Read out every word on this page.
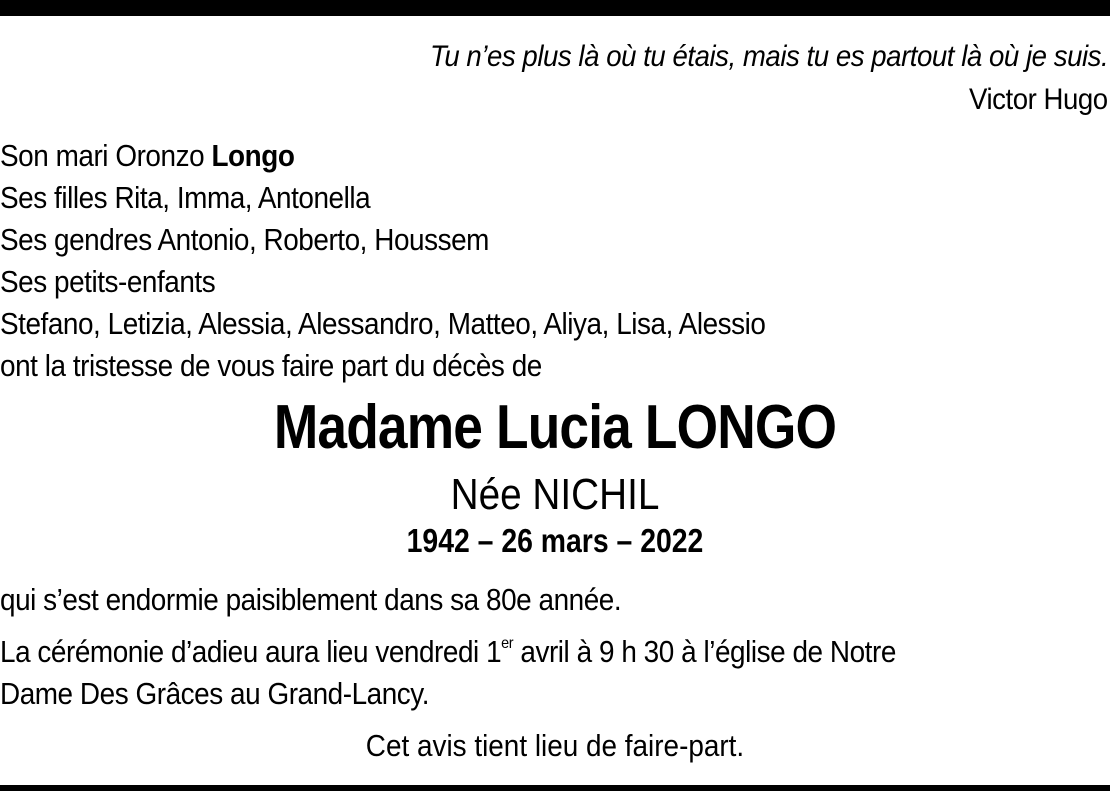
Tu n’es plus là où tu étais, mais tu es partout là où je suis.
Victor Hugo
Son mari Oronzo Longo
Ses filles Rita, Imma, Antonella
Ses gendres Antonio, Roberto, Houssem
Ses petits-enfants
Stefano, Letizia, Alessia, Alessandro, Matteo, Aliya, Lisa, Alessio
ont la tristesse de vous faire part du décès de
Madame Lucia LONGO
Née NICHIL
1942 – 26 mars – 2022
qui s’est endormie paisiblement dans sa 80e année.
La cérémonie d’adieu aura lieu vendredi 1er avril à 9 h 30 à l’église de Notre
Dame Des Grâces au Grand-Lancy.
Cet avis tient lieu de faire-part.
